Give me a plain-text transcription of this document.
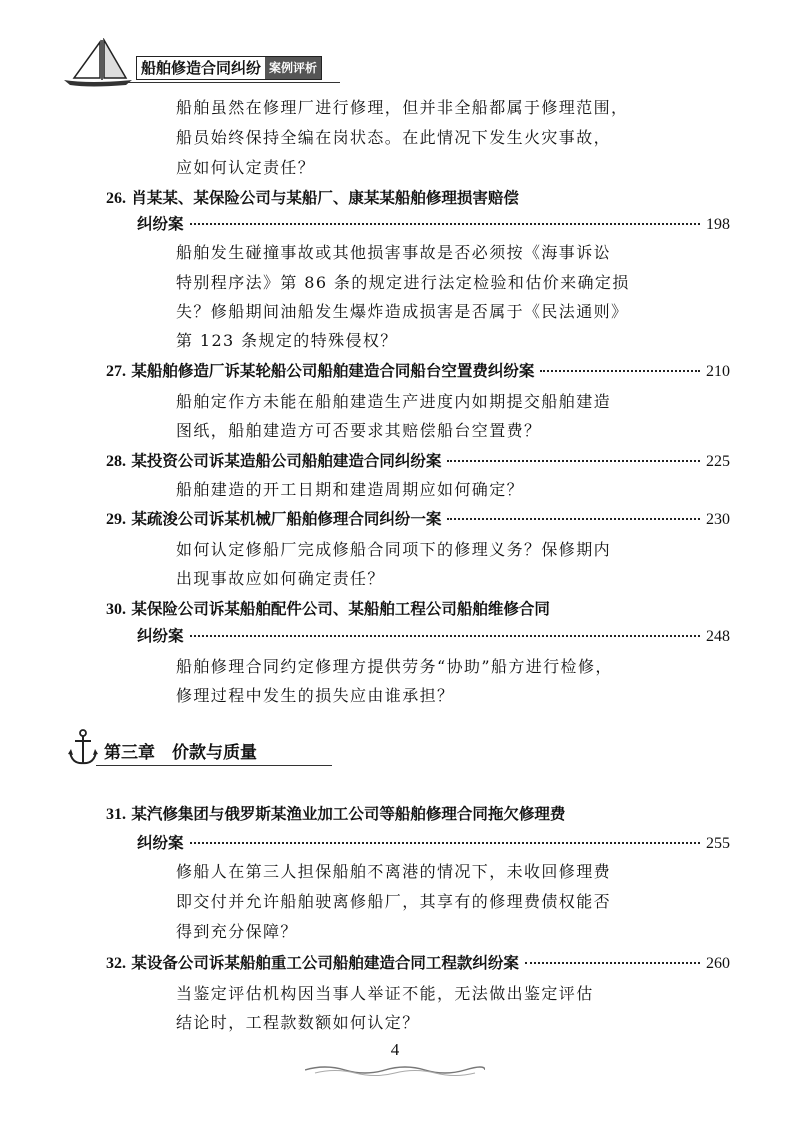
船舶修造合同纠纷 案例评析
船舶虽然在修理厂进行修理，但并非全船都属于修理范围，
船员始终保持全编在岗状态。在此情况下发生火灾事故，
应如何认定责任？
26. 肖某某、某保险公司与某船厂、康某某船舶修理损害赔偿
纠纷案	198
船舶发生碰撞事故或其他损害事故是否必须按《海事诉讼
特别程序法》第 86 条的规定进行法定检验和估价来确定损
失？修船期间油船发生爆炸造成损害是否属于《民法通则》
第 123 条规定的特殊侵权？
27. 某船舶修造厂诉某轮船公司船舶建造合同船台空置费纠纷案	210
船舶定作方未能在船舶建造生产进度内如期提交船舶建造
图纸，船舶建造方可否要求其赔偿船台空置费？
28. 某投资公司诉某造船公司船舶建造合同纠纷案	225
船舶建造的开工日期和建造周期应如何确定？
29. 某疏浚公司诉某机械厂船舶修理合同纠纷一案	230
如何认定修船厂完成修船合同项下的修理义务？保修期内
出现事故应如何确定责任？
30. 某保险公司诉某船舶配件公司、某船舶工程公司船舶维修合同
纠纷案	248
船舶修理合同约定修理方提供劳务“协助”船方进行检修，
修理过程中发生的损失应由谁承担？
第三章　价款与质量
31. 某汽修集团与俄罗斯某渔业加工公司等船舶修理合同拖欠修理费
纠纷案	255
修船人在第三人担保船舶不离港的情况下，未收回修理费
即交付并允许船舶驶离修船厂，其享有的修理费债权能否
得到充分保障？
32. 某设备公司诉某船舶重工公司船舶建造合同工程款纠纷案	260
当鉴定评估机构因当事人举证不能，无法做出鉴定评估
结论时，工程款数额如何认定？
4
